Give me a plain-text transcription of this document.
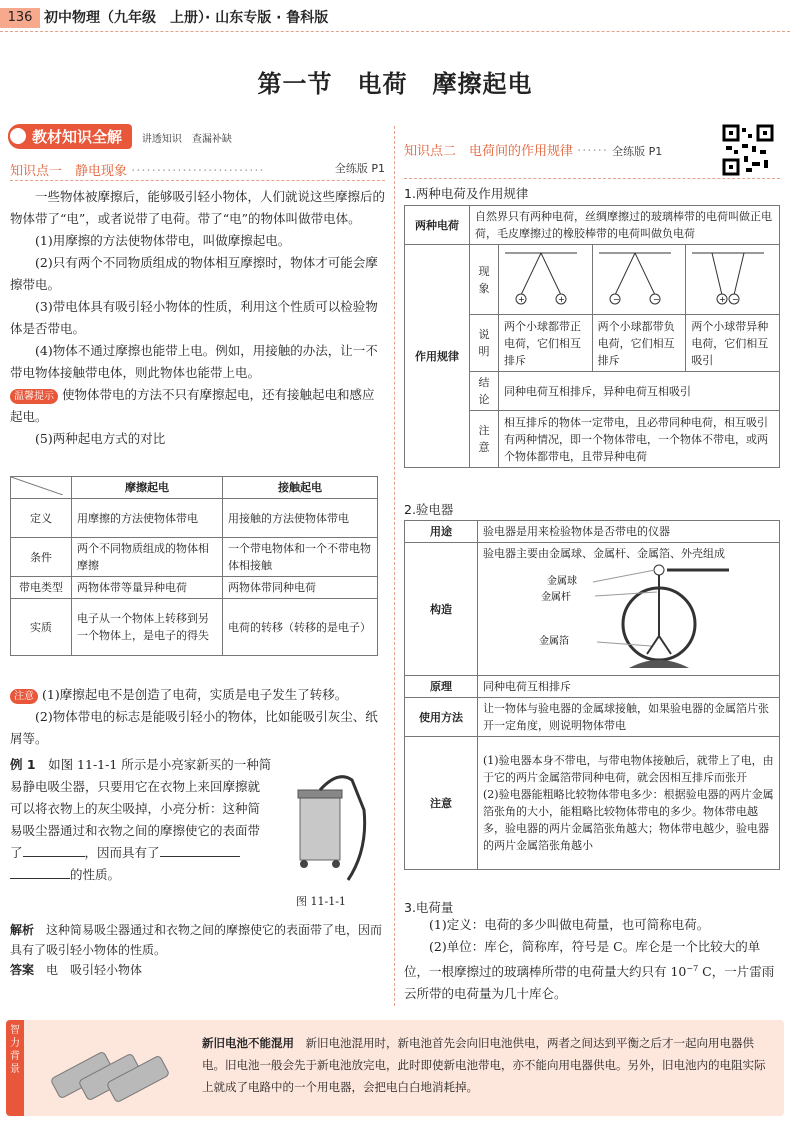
136 初中物理（九年级　上册）· 山东专版 · 鲁科版
第一节　电荷　摩擦起电
教材知识全解 讲透知识　查漏补缺
知识点一　静电现象 ··························	全练版 P1

一些物体被摩擦后，能够吸引轻小物体，人们就说这些摩擦后的物体带了“电”，或者说带了电荷。带了“电”的物体叫做带电体。

(1)用摩擦的方法使物体带电，叫做摩擦起电。

(2)只有两个不同物质组成的物体相互摩擦时，物体才可能会摩擦带电。

(3)带电体具有吸引轻小物体的性质，利用这个性质可以检验物体是否带电。

(4)物体不通过摩擦也能带上电。例如，用接触的办法，让一不带电物体接触带电体，则此物体也能带上电。

温馨提示 使物体带电的方法不只有摩擦起电，还有接触起电和感应起电。

(5)两种起电方式的对比

	摩擦起电	接触起电
定义	用摩擦的方法使物体带电	用接触的方法使物体带电
条件	两个不同物质组成的物体相摩擦	一个带电物体和一个不带电物体相接触
带电类型	两物体带等量异种电荷	两物体带同种电荷
实质	电子从一个物体上转移到另一个物体上，是电子的得失	电荷的转移（转移的是电子）

注意 (1)摩擦起电不是创造了电荷，实质是电子发生了转移。

(2)物体带电的标志是能吸引轻小的物体，比如能吸引灰尘、纸屑等。

例 1　 如图 11-1-1 所示是小亮家新买的一种简易静电吸尘器，只要用它在衣物上来回摩擦就可以将衣物上的灰尘吸掉，小亮分析：这种简易吸尘器通过和衣物之间的摩擦使它的表面带了	，因而具有了
的性质。
图 11-1-1
解析　 这种简易吸尘器通过和衣物之间的摩擦使它的表面带了电，因而具有了吸引轻小物体的性质。
答案　 电　吸引轻小物体
知识点二　电荷间的作用规律 ······ 全练版 P1
1.两种电荷及作用规律
两种电荷	自然界只有两种电荷，丝绸摩擦过的玻璃棒带的电荷叫做正电荷，毛皮摩擦过的橡胶棒带的电荷叫做负电荷			
作用规律	现象	+ +	− −	+ −

	说明	两个小球都带正电荷，它们相互排斥	两个小球都带负电荷，它们相互排斥	两个小球带异种电荷，它们相互吸引
	结论	同种电荷互相排斥，异种电荷互相吸引		
	注意	相互排斥的物体一定带电，且必带同种电荷，相互吸引有两种情况，即一个物体带电，一个物体不带电，或两个物体都带电，且带异种电荷		
2.验电器
用途	验电器是用来检验物体是否带电的仪器
构造	验电器主要由金属球、金属杆、金属箔、外壳组成
金属球
金属杆
金属箔

原理	同种电荷互相排斥
使用方法	让一物体与验电器的金属球接触，如果验电器的金属箔片张开一定角度，则说明物体带电
注意	(1)验电器本身不带电，与带电物体接触后，就带上了电，由于它的两片金属箔带同种电荷，就会因相互排斥而张开
(2)验电器能粗略比较物体带电多少：根据验电器的两片金属箔张角的大小，能粗略比较物体带电的多少。物体带电越多，验电器的两片金属箔张角越大；物体带电越少，验电器的两片金属箔张角越小
3.电荷量

(1)定义：电荷的多少叫做电荷量，也可简称电荷。

(2)单位：库仑，简称库，符号是 C。库仑是一个比较大的单位，一根摩擦过的玻璃棒所带的电荷量大约只有 $10^{-7}$ C，一片雷雨云所带的电荷量为几十库仑。

智力背景
新旧电池不能混用　 新旧电池混用时，新电池首先会向旧电池供电，两者之间达到平衡之后才一起向用电器供电。旧电池一般会先于新电池放完电，此时即使新电池带电，亦不能向用电器供电。另外，旧电池内的电阻实际上就成了电路中的一个用电器，会把电白白地消耗掉。
